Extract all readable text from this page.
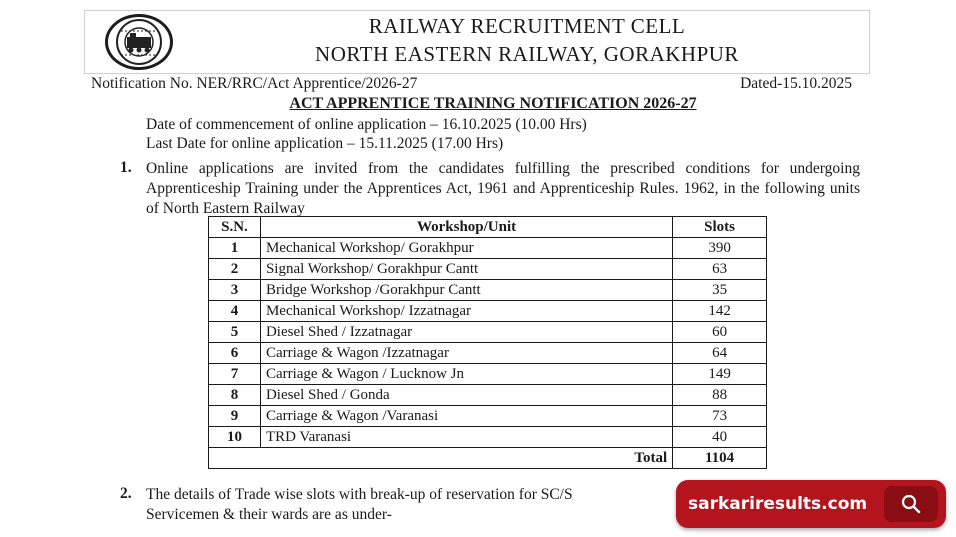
RAILWAY RECRUITMENT CELL
NORTH EASTERN RAILWAY, GORAKHPUR
Notification No. NER/RRC/Act Apprentice/2026-27	Dated-15.10.2025
ACT APPRENTICE TRAINING NOTIFICATION 2026-27
Date of commencement of online application – 16.10.2025 (10.00 Hrs)
Last Date for online application – 15.11.2025 (17.00 Hrs)
1. Online applications are invited from the candidates fulfilling the prescribed conditions for undergoing Apprenticeship Training under the Apprentices Act, 1961 and Apprenticeship Rules. 1962, in the following units of North Eastern Railway
S.N.	Workshop/Unit	Slots
1	Mechanical Workshop/ Gorakhpur	390
2	Signal Workshop/ Gorakhpur Cantt	63
3	Bridge Workshop /Gorakhpur Cantt	35
4	Mechanical Workshop/ Izzatnagar	142
5	Diesel Shed / Izzatnagar	60
6	Carriage & Wagon /Izzatnagar	64
7	Carriage & Wagon / Lucknow Jn	149
8	Diesel Shed / Gonda	88
9	Carriage & Wagon /Varanasi	73
10	TRD Varanasi	40
Total		1104
2. The details of Trade wise slots with break-up of reservation for SC/S
Servicemen & their wards are as under-
sarkariresults.com
